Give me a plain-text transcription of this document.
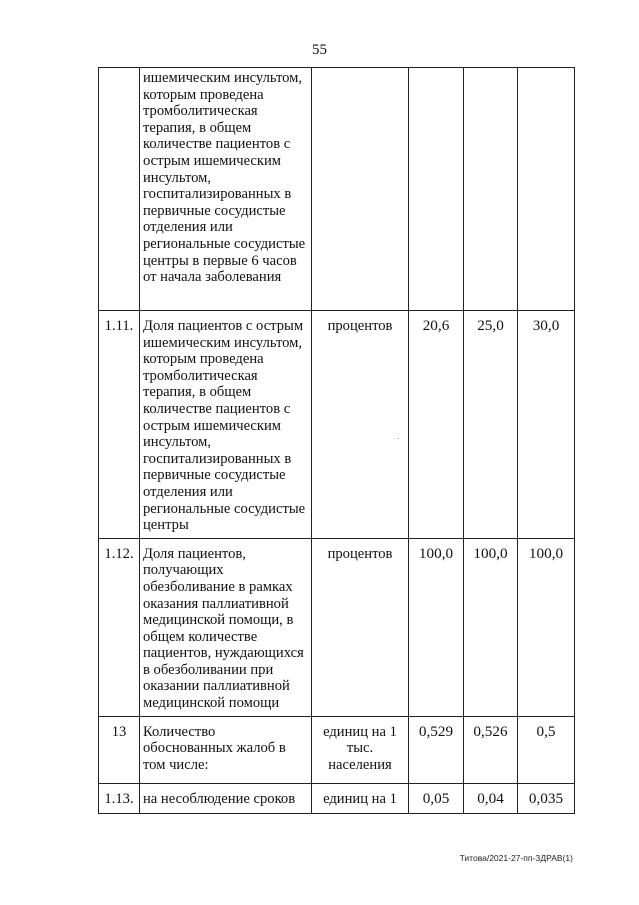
55
	ишемическим инсультом, которым проведена тромболитическая терапия, в общем количестве пациентов с острым ишемическим инсультом, госпитализированных в первичные сосудистые отделения или региональные сосудистые центры в первые 6 часов от начала заболевания				
1.11.	Доля пациентов с острым ишемическим инсультом, которым проведена тромболитическая терапия, в общем количестве пациентов с острым ишемическим инсультом, госпитализированных в первичные сосудистые отделения или региональные сосудистые центры	процентов	20,6	25,0	30,0
1.12.	Доля пациентов, получающих обезболивание в рамках оказания паллиативной медицинской помощи, в общем количестве пациентов, нуждающихся в обезболивании при оказании паллиативной медицинской помощи	процентов	100,0	100,0	100,0
13	Количество обоснованных жалоб в том числе:	единиц на 1 тыс. населения	0,529	0,526	0,5
1.13.	на несоблюдение сроков	единиц на 1	0,05	0,04	0,035
Титова/2021-27-пп-ЗДРАВ(1)
